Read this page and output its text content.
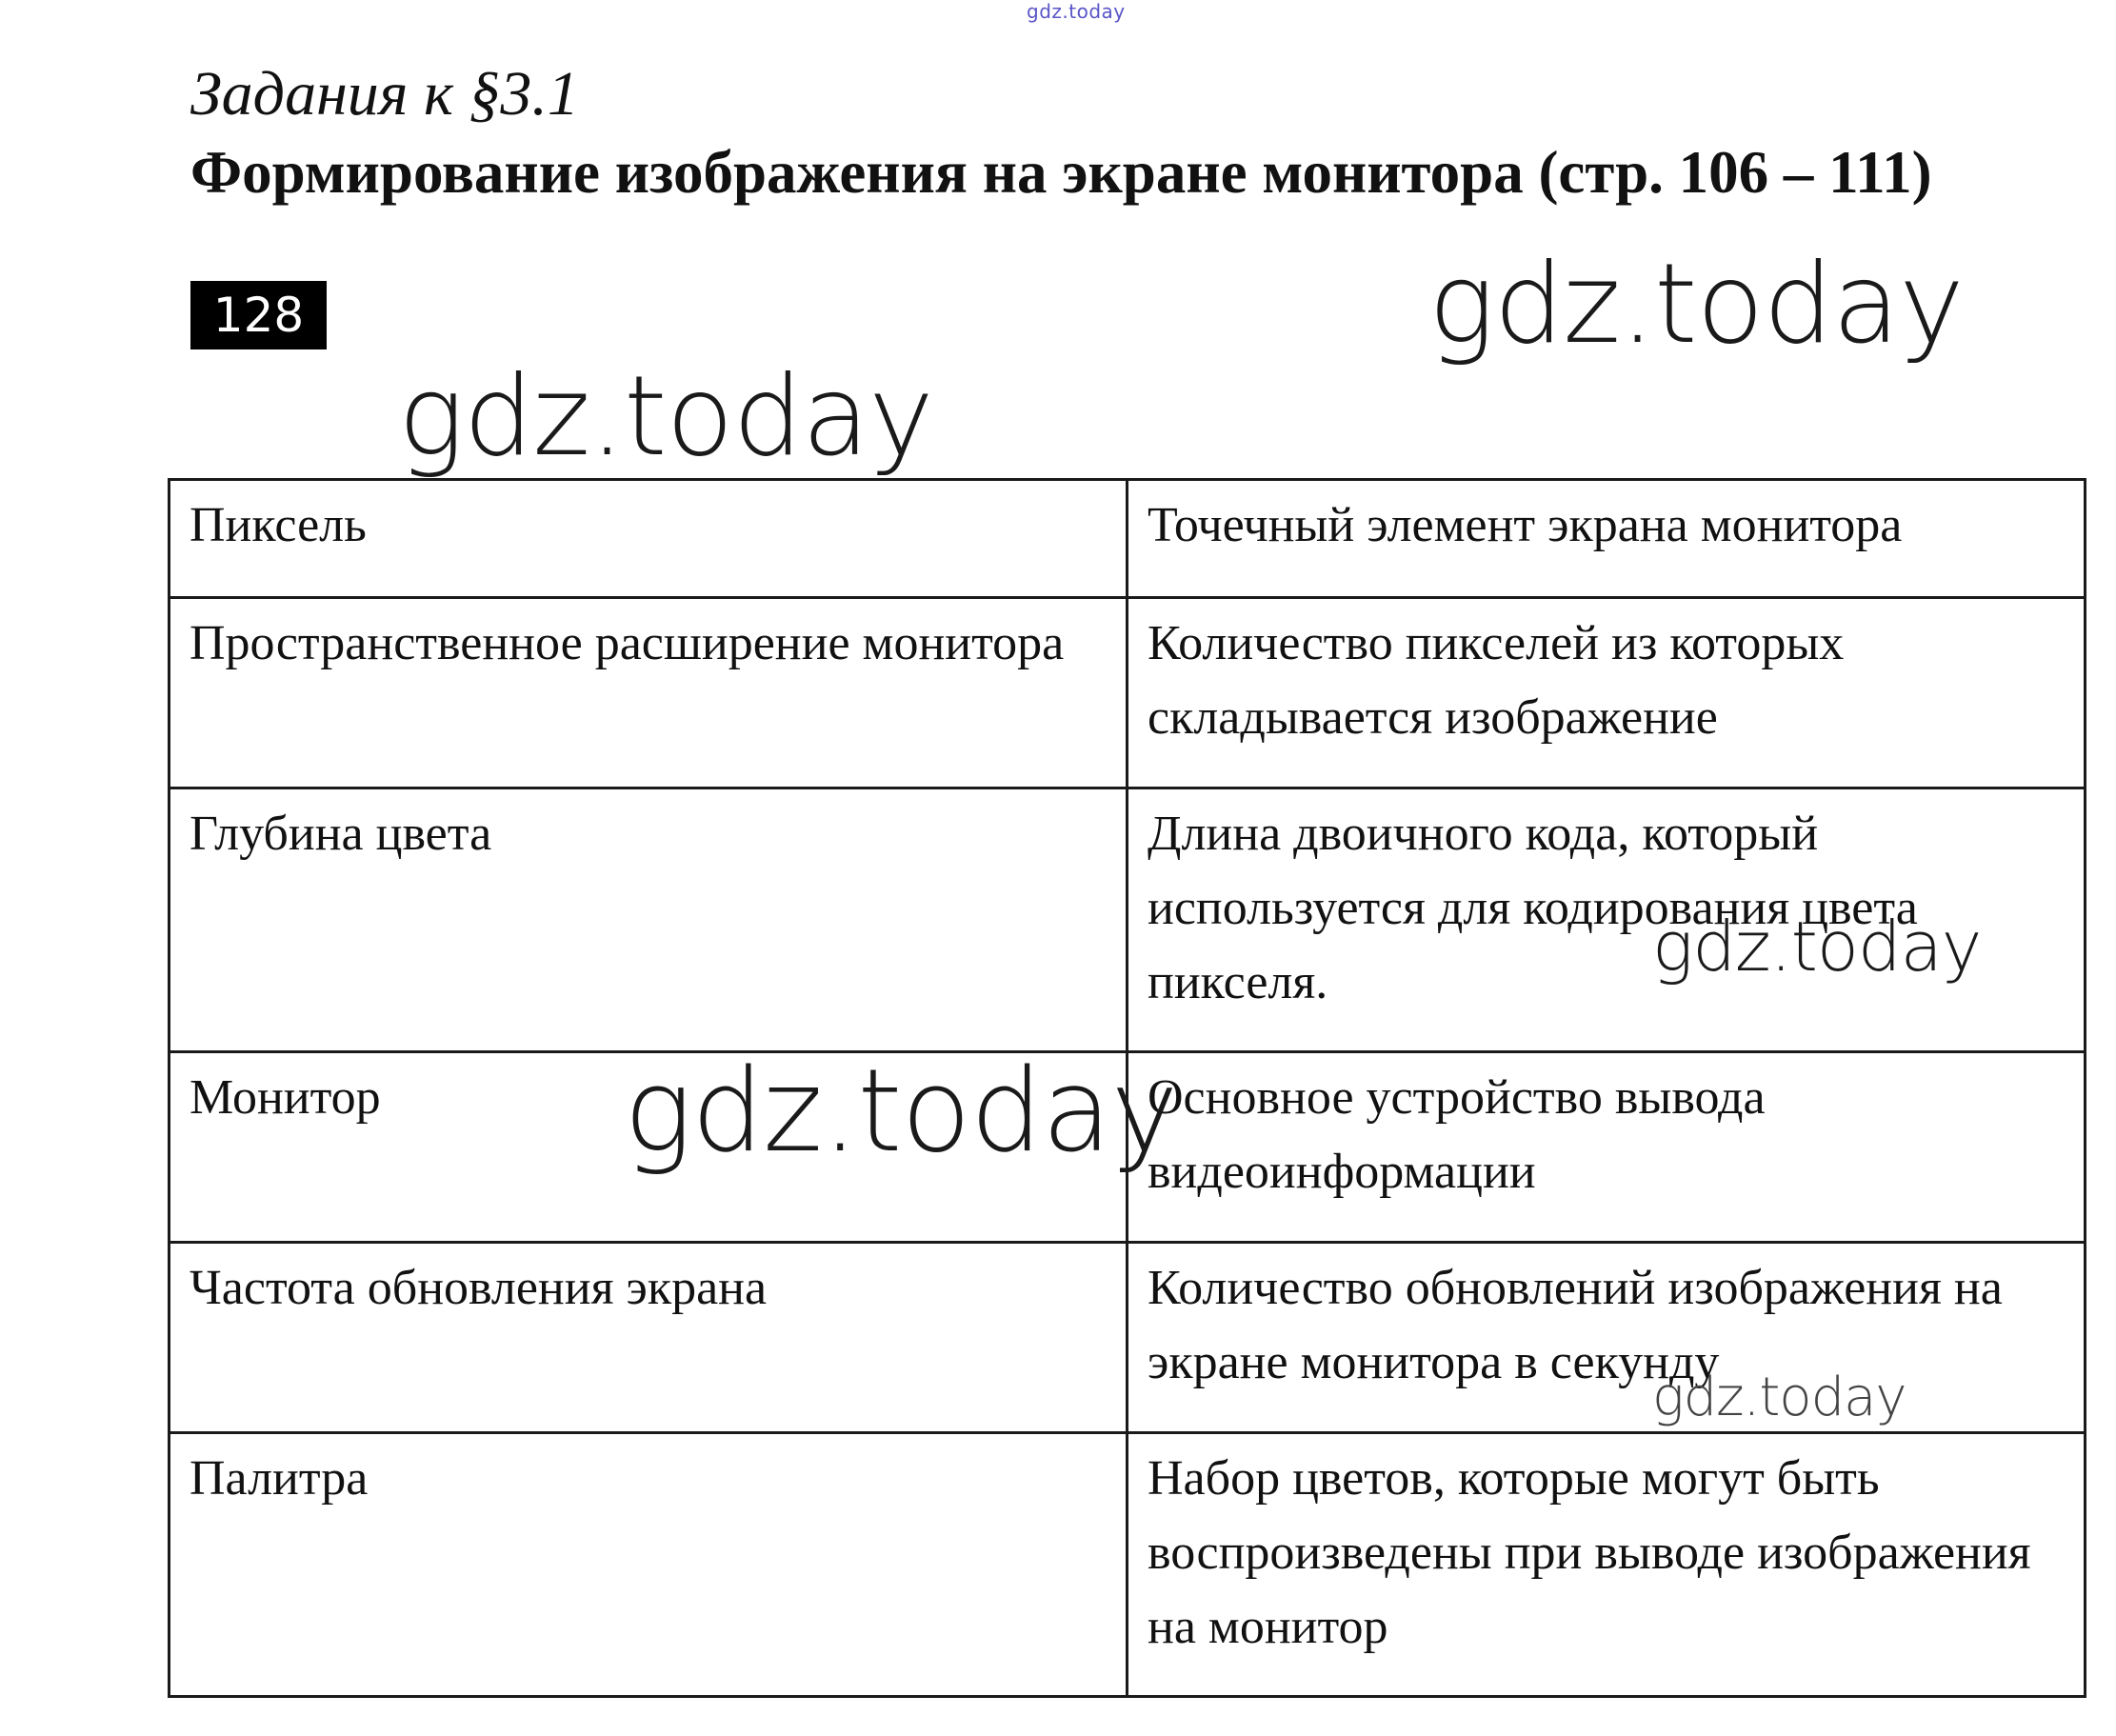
gdz.today
Задания к §3.1
Формирование изображения на экране монитора (стр. 106 – 111)
128
Пиксель	Точечный элемент экрана монитора
Пространственное расширение монитора	Количество пикселей из которых складывается изображение
Глубина цвета	Длина двоичного кода, который используется для кодирования цвета пикселя.
Монитор	Основное устройство вывода видеоинформации
Частота обновления экрана	Количество обновлений изображения на экране монитора в секунду
Палитра	Набор цветов, которые могут быть воспроизведены при выводе изображения на монитор
gdz.today
gdz.today
gdz.today
gdz.today
gdz.today
